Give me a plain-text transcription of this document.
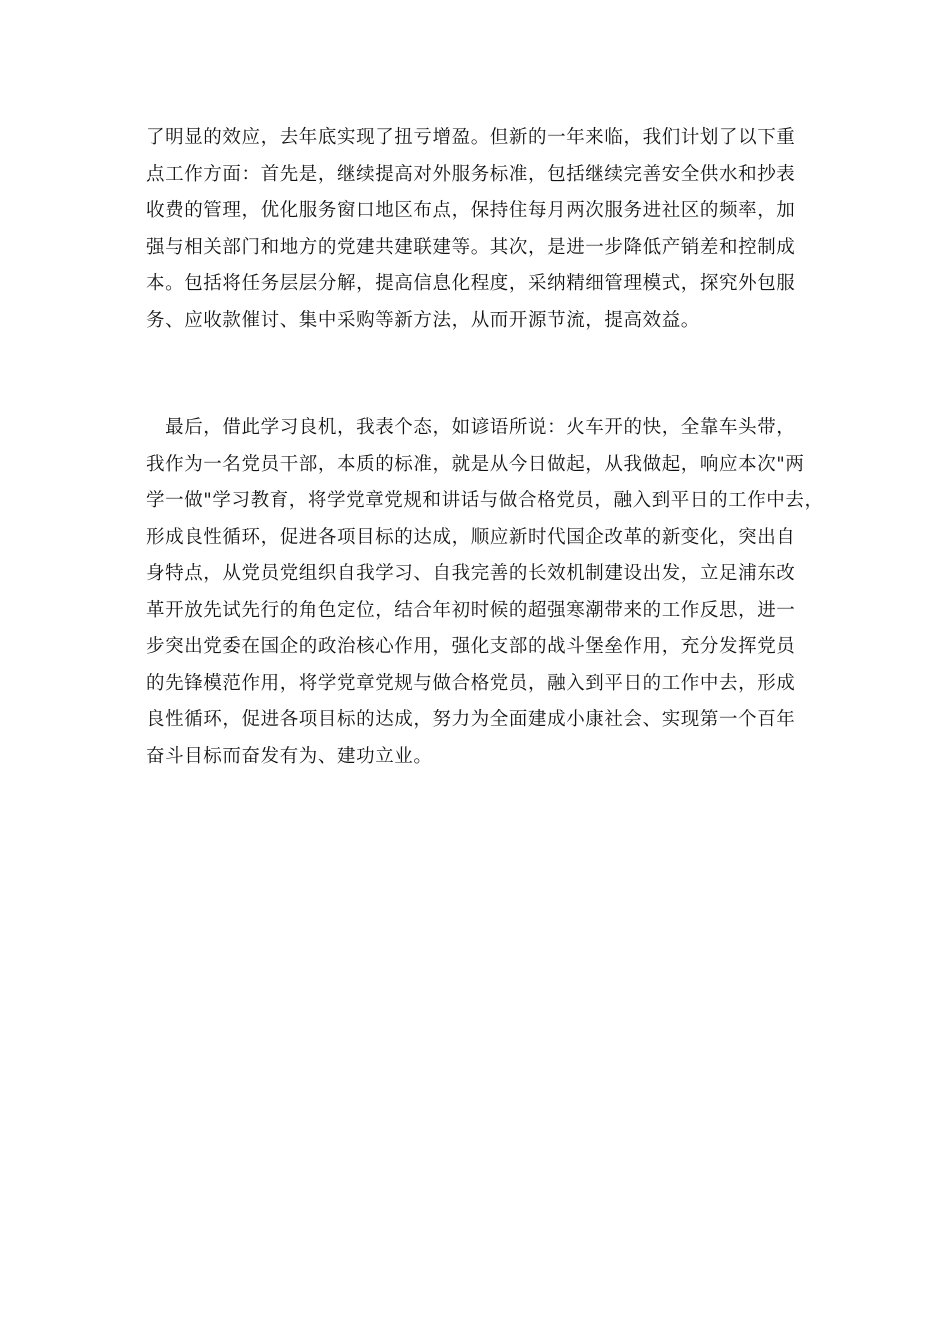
了明显的效应，去年底实现了扭亏增盈。但新的一年来临，我们计划了以下重
点工作方面：首先是，继续提高对外服务标准，包括继续完善安全供水和抄表
收费的管理，优化服务窗口地区布点，保持住每月两次服务进社区的频率，加
强与相关部门和地方的党建共建联建等。其次，是进一步降低产销差和控制成
本。包括将任务层层分解，提高信息化程度，采纳精细管理模式，探究外包服
务、应收款催讨、集中采购等新方法，从而开源节流，提高效益。
　最后，借此学习良机，我表个态，如谚语所说：火车开的快，全靠车头带，
我作为一名党员干部，本质的标准，就是从今日做起，从我做起，响应本次"两
学一做"学习教育，将学党章党规和讲话与做合格党员，融入到平日的工作中去，
形成良性循环，促进各项目标的达成，顺应新时代国企改革的新变化，突出自
身特点，从党员党组织自我学习、自我完善的长效机制建设出发，立足浦东改
革开放先试先行的角色定位，结合年初时候的超强寒潮带来的工作反思，进一
步突出党委在国企的政治核心作用，强化支部的战斗堡垒作用，充分发挥党员
的先锋模范作用，将学党章党规与做合格党员，融入到平日的工作中去，形成
良性循环，促进各项目标的达成，努力为全面建成小康社会、实现第一个百年
奋斗目标而奋发有为、建功立业。
